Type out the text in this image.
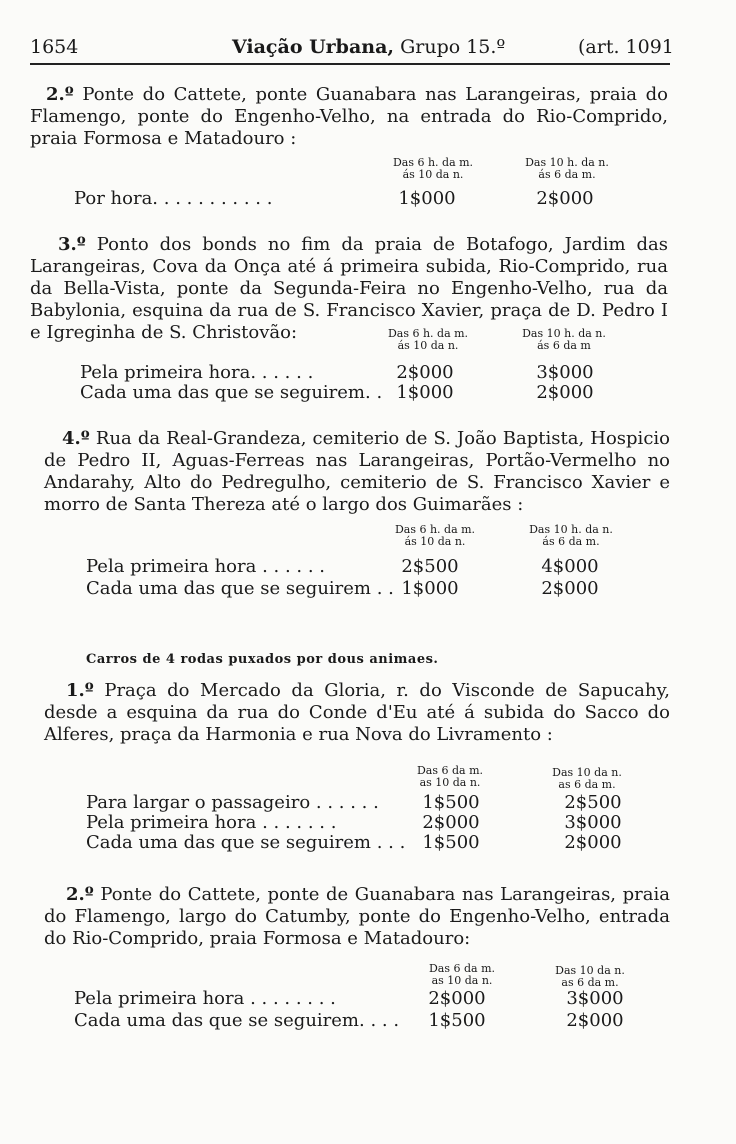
1654	Viação Urbana, Grupo 15.º	(art. 1091
2.º Ponte do Cattete, ponte Guanabara nas Larangeiras, praia do Flamengo, ponte do Engenho-Velho, na entrada do Rio-Comprido, praia Formosa e Matadouro :
Das 6 h. da m.
ás 10 da n.
Das 10 h. da n.
ás 6 da m.
Por hora. . . . . . . . . . .	1$000	2$000
3.º Ponto dos bonds no fim da praia de Botafogo, Jardim das Larangeiras, Cova da Onça até á primeira subida, Rio-Comprido, rua da Bella-Vista, ponte da Segunda-Feira no Engenho-Velho, rua da Babylonia, esquina da rua de S. Francisco Xavier, praça de D. Pedro I e Igreginha de S. Christovão:	Das 6 h. da m.
ás 10 da n.
Das 10 h. da n.
ás 6 da m
Pela primeira hora. . . . . .	2$000	3$000
Cada uma das que se seguirem. . 1$000	2$000
4.º Rua da Real-Grandeza, cemiterio de S. João Baptista, Hospicio de Pedro II, Aguas-Ferreas nas Larangeiras, Portão-Vermelho no Andarahy, Alto do Pedregulho, cemiterio de S. Francisco Xavier e morro de Santa Thereza até o largo dos Guimarães :
Das 6 h. da m.
ás 10 da n.
Das 10 h. da n.
ás 6 da m.
Pela primeira hora . . . . . .	2$500	4$000
Cada uma das que se seguirem . . 1$000	2$000
Carros de 4 rodas puxados por dous animaes.
1.º Praça do Mercado da Gloria, r. do Visconde de Sapucahy, desde a esquina da rua do Conde d'Eu até á subida do Sacco do Alferes, praça da Harmonia e rua Nova do Livramento :
Das 6 da m.
as 10 da n.
Das 10 da n.
as 6 da m.
Para largar o passageiro . . . . . .	1$500	2$500
Pela primeira hora . . . . . . .	2$000	3$000
Cada uma das que se seguirem . . . 1$500	2$000
2.º Ponte do Cattete, ponte de Guanabara nas Larangeiras, praia do Flamengo, largo do Catumby, ponte do Engenho-Velho, entrada do Rio-Comprido, praia Formosa e Matadouro:
Das 6 da m.
as 10 da n.
Das 10 da n.
as 6 da m.
Pela primeira hora . . . . . . . .	2$000	3$000
Cada uma das que se seguirem. . . .	1$500	2$000
